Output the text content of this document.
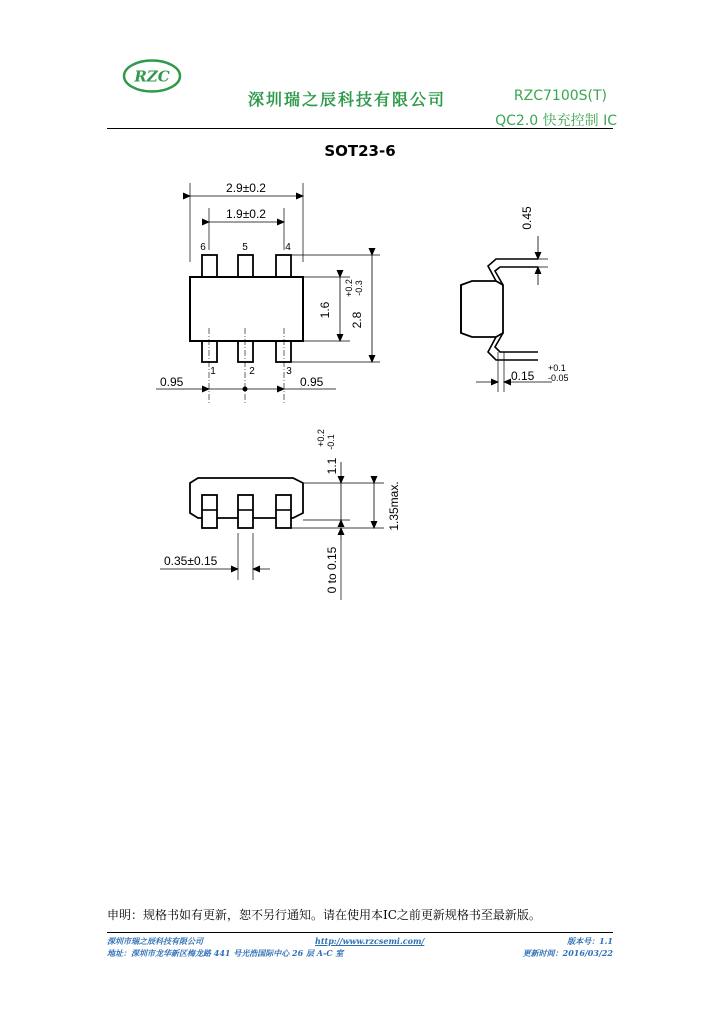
RZC
深圳瑞之辰科技有限公司	RZC7100S(T)
QC2.0 快充控制 IC
SOT23-6
2.9±0.2
1.9±0.2
6	5	4
1	2	3
0.95	0.95
1.6
2.8
+0.2 -0.3
0.45
0.15
+0.1
-0.05
0.35±0.15
1.1
+0.2 -0.1
1.35max.
0 to 0.15
申明：规格书如有更新，恕不另行通知。请在使用本IC之前更新规格书至最新版。
深圳市瑞之辰科技有限公司	http://www.rzcsemi.com/	版本号：1.1
地址：深圳市龙华新区梅龙路 441 号光浩国际中心 26 层 A-C 室	更新时间：2016/03/22
